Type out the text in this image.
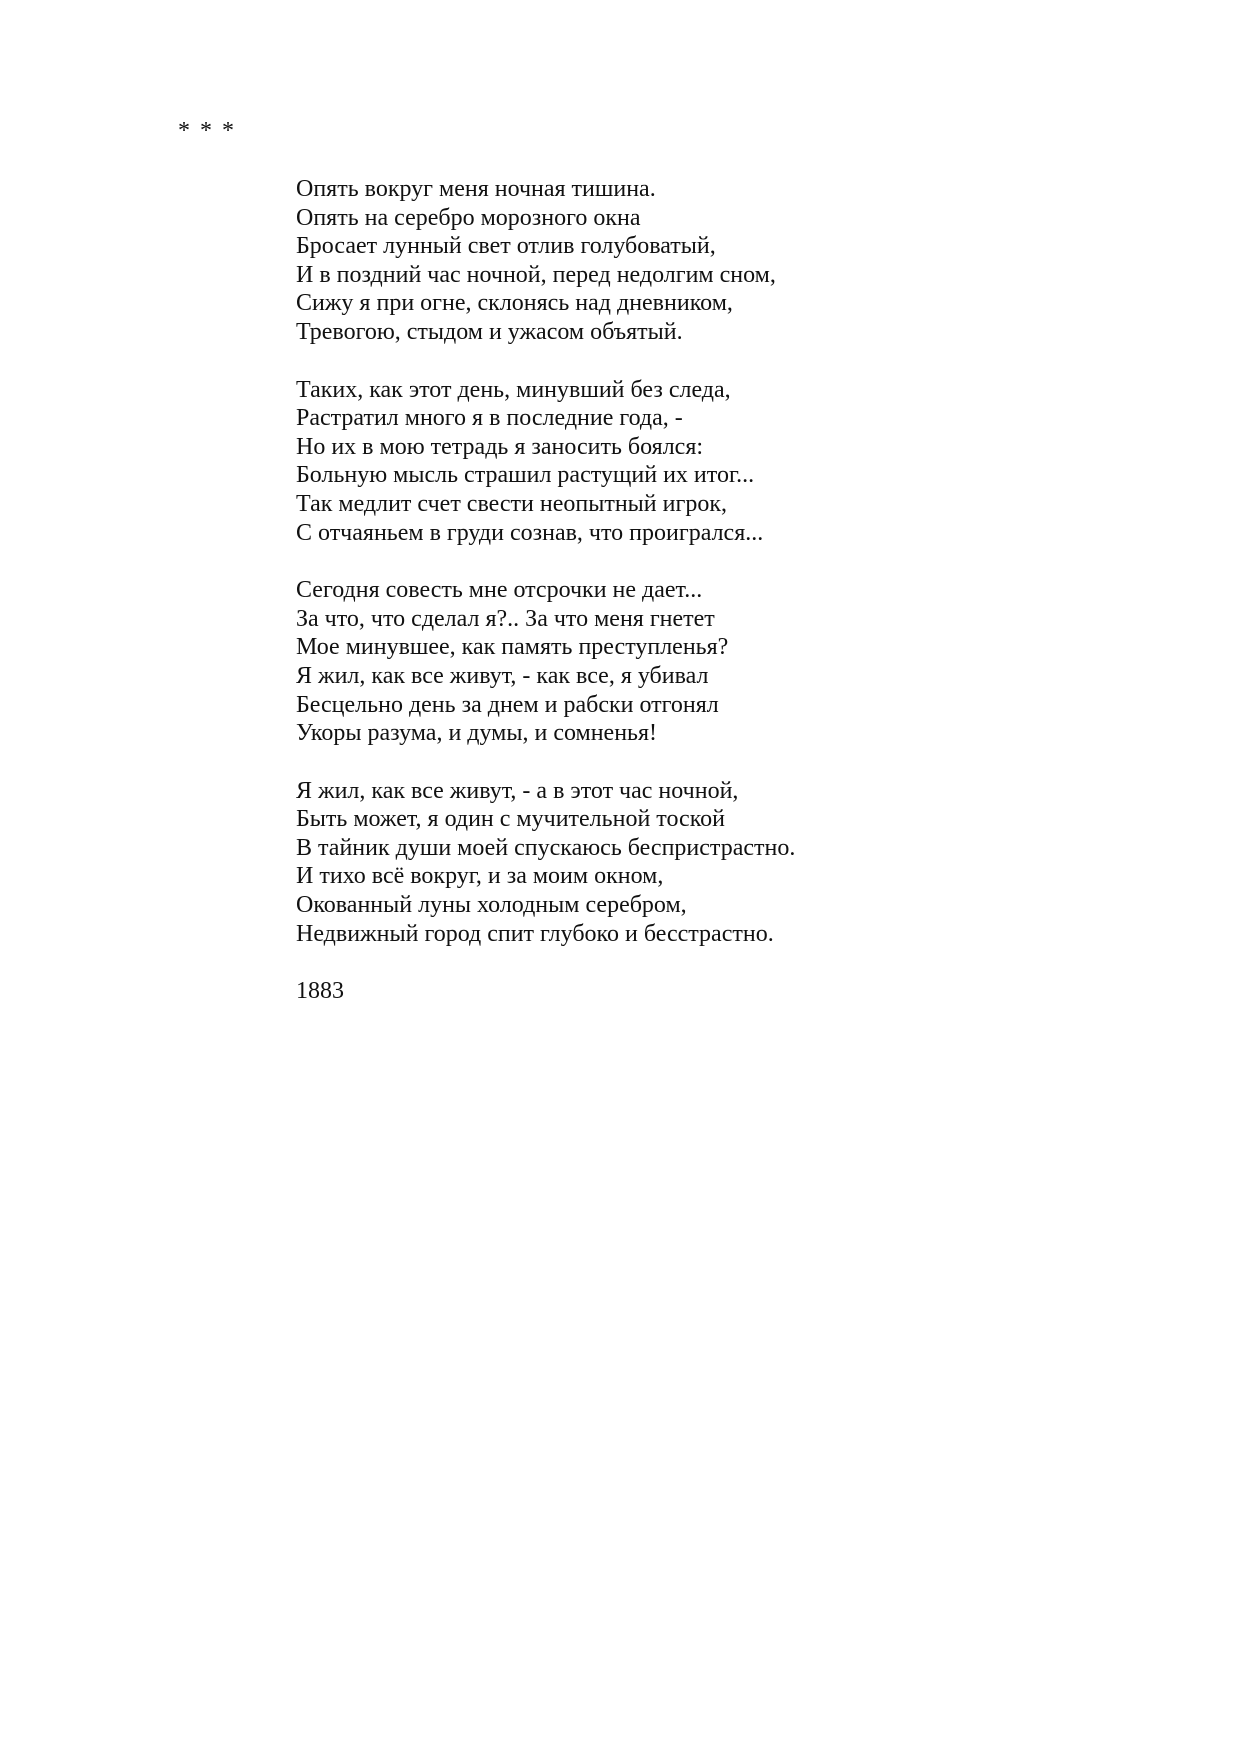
* * *

Опять вокруг меня ночная тишина.
Опять на серебро морозного окна
Бросает лунный свет отлив голубоватый,
И в поздний час ночной, перед недолгим сном,
Сижу я при огне, склонясь над дневником,
Тревогою, стыдом и ужасом объятый.
Таких, как этот день, минувший без следа,
Растратил много я в последние года, -
Но их в мою тетрадь я заносить боялся:
Больную мысль страшил растущий их итог...
Так медлит счет свести неопытный игрок,
С отчаяньем в груди сознав, что проигрался...
Сегодня совесть мне отсрочки не дает...
За что, что сделал я?.. За что меня гнетет
Мое минувшее, как память преступленья?
Я жил, как все живут, - как все, я убивал
Бесцельно день за днем и рабски отгонял
Укоры разума, и думы, и сомненья!
Я жил, как все живут, - а в этот час ночной,
Быть может, я один с мучительной тоской
В тайник души моей спускаюсь беспристрастно.
И тихо всё вокруг, и за моим окном,
Окованный луны холодным серебром,
Недвижный город спит глубоко и бесстрастно.
1883
